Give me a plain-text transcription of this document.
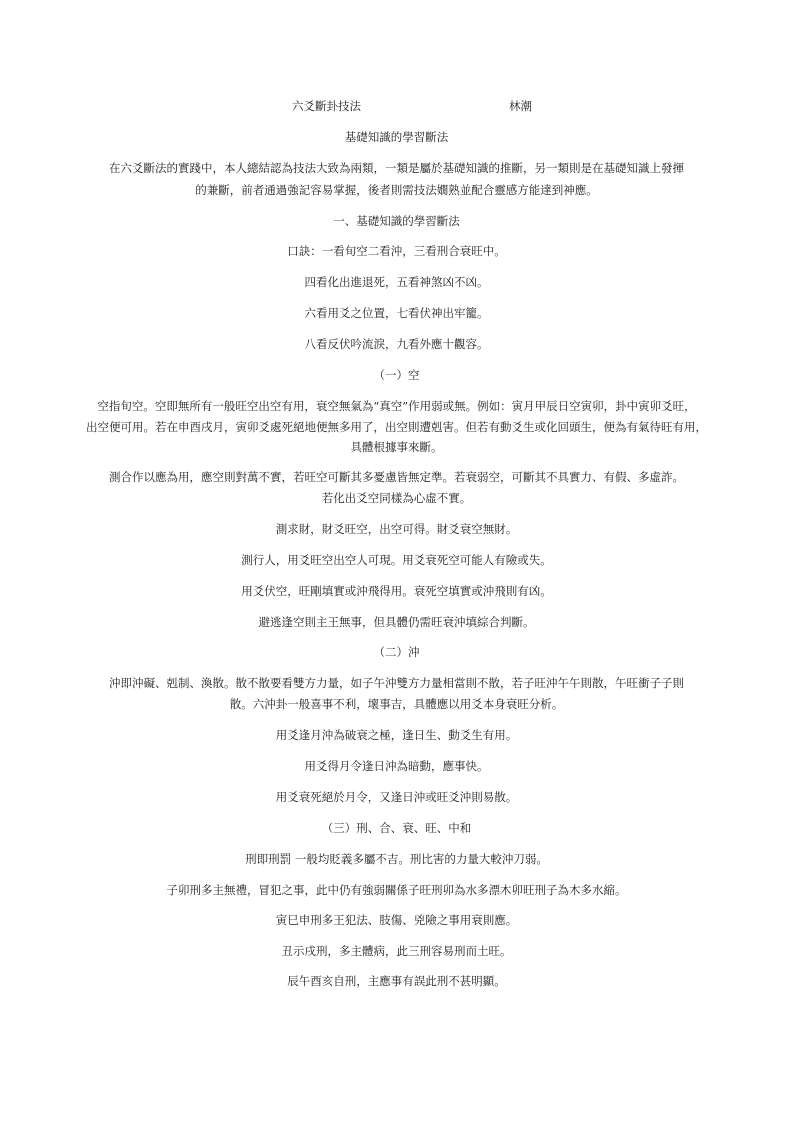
六爻斷卦技法	林潮
基礎知識的學習斷法
在六爻斷法的實踐中，本人總結認為技法大致為兩類，一類是屬於基礎知識的推斷，另一類則是在基礎知識上發揮
的兼斷，前者通過強記容易掌握，後者則需技法嫺熟並配合靈感方能達到神應。
一、基礎知識的學習斷法
口訣：一看旬空二看沖，三看刑合衰旺中。
四看化出進退死，五看神煞凶不凶。
六看用爻之位置，七看伏神出牢籠。
八看反伏吟流淚，九看外應十觀容。
（一）空
空指旬空。空即無所有一般旺空出空有用，衰空無氣為“真空”作用弱或無。例如：寅月甲辰日空寅卯，卦中寅卯爻旺，
出空便可用。若在申酉戌月，寅卯爻處死絕地便無多用了，出空則遭剋害。但若有動爻生或化回頭生，便為有氣待旺有用，
具體根據事來斷。
測合作以應為用，應空則對萬不實，若旺空可斷其多憂慮皆無定準。若衰弱空，可斷其不具實力、有假、多虛詐。
若化出爻空同樣為心虛不實。
測求財，財爻旺空，出空可得。財爻衰空無財。
測行人，用爻旺空出空人可現。用爻衰死空可能人有險或失。
用爻伏空，旺剛填實或沖飛得用。衰死空填實或沖飛則有凶。
避逃逢空則主王無事，但具體仍需旺衰沖填綜合判斷。
（二）沖
沖即沖礙、剋制、渙散。散不散要看雙方力量，如子午沖雙方力量相當則不散，若子旺沖午午則散，午旺衝子子則
散。六沖卦一般喜事不利，壞事吉，具體應以用爻本身衰旺分析。
用爻逢月沖為破衰之極，逢日生、動爻生有用。
用爻得月令逢日沖為暗動，應事快。
用爻衰死絕於月令，又逢日沖或旺爻沖則易散。
（三）刑、合、衰、旺、中和
刑即刑罰 一般均貶義多屬不吉。刑比害的力量大較沖刀弱。
子卯刑多主無禮，冒犯之事，此中仍有強弱關係子旺刑卯為水多漂木卯旺刑子為木多水縮。
寅巳申刑多王犯法、肢傷、兇險之事用衰則應。
丑示戌刑，多主體病，此三刑容易刑而土旺。
辰午酉亥自刑，主應事有誤此刑不甚明顯。
